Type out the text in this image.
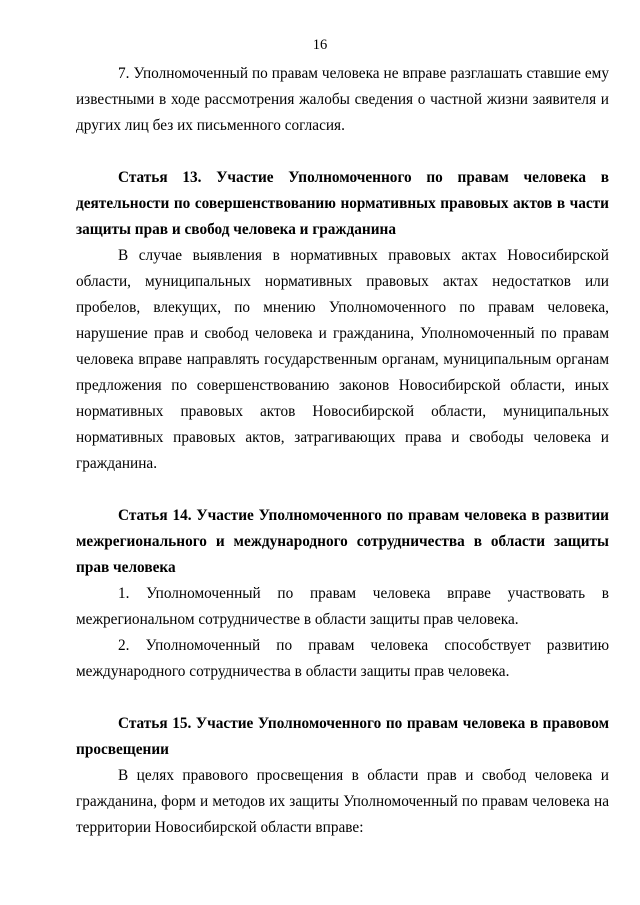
16

7. Уполномоченный по правам человека не вправе разглашать ставшие ему известными в ходе рассмотрения жалобы сведения о частной жизни заявителя и других лиц без их письменного согласия.

Статья 13. Участие Уполномоченного по правам человека в деятельности по совершенствованию нормативных правовых актов в части защиты прав и свобод человека и гражданина

В случае выявления в нормативных правовых актах Новосибирской области, муниципальных нормативных правовых актах недостатков или пробелов, влекущих, по мнению Уполномоченного по правам человека, нарушение прав и свобод человека и гражданина, Уполномоченный по правам человека вправе направлять государственным органам, муниципальным органам предложения по совершенствованию законов Новосибирской области, иных нормативных правовых актов Новосибирской области, муниципальных нормативных правовых актов, затрагивающих права и свободы человека и гражданина.

Статья 14. Участие Уполномоченного по правам человека в развитии межрегионального и международного сотрудничества в области защиты прав человека

1. Уполномоченный по правам человека вправе участвовать в межрегиональном сотрудничестве в области защиты прав человека.

2. Уполномоченный по правам человека способствует развитию международного сотрудничества в области защиты прав человека.

Статья 15. Участие Уполномоченного по правам человека в правовом просвещении

В целях правового просвещения в области прав и свобод человека и гражданина, форм и методов их защиты Уполномоченный по правам человека на территории Новосибирской области вправе:
